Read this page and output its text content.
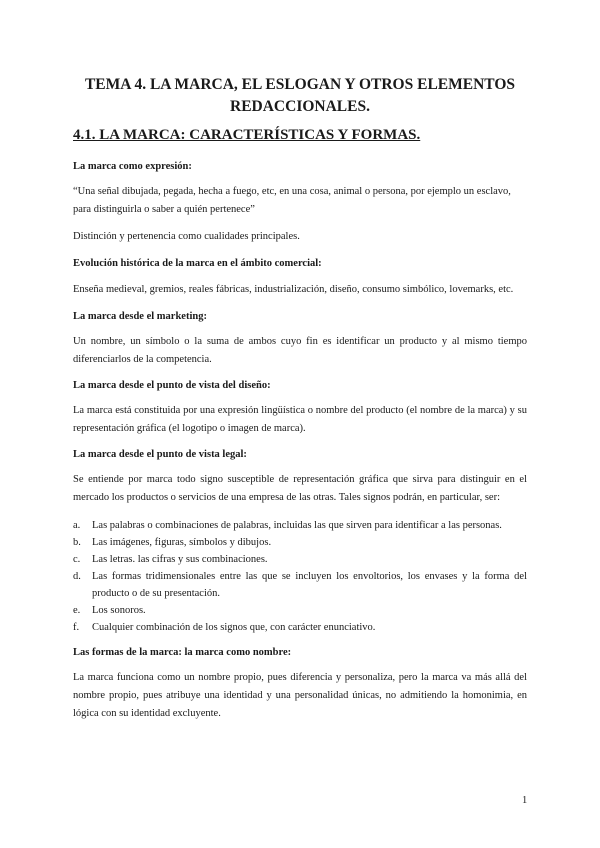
TEMA 4. LA MARCA, EL ESLOGAN Y OTROS ELEMENTOS REDACCIONALES.
4.1. LA MARCA: CARACTERÍSTICAS Y FORMAS.
La marca como expresión:
“Una señal dibujada, pegada, hecha a fuego, etc, en una cosa, animal o persona, por ejemplo un esclavo, para distinguirla o saber a quién pertenece”
Distinción y pertenencia como cualidades principales.
Evolución histórica de la marca en el ámbito comercial:
Enseña medieval, gremios, reales fábricas, industrialización, diseño, consumo simbólico, lovemarks, etc.
La marca desde el marketing:
Un nombre, un símbolo o la suma de ambos cuyo fin es identificar un producto y al mismo tiempo diferenciarlos de la competencia.
La marca desde el punto de vista del diseño:
La marca está constituida por una expresión lingüística o nombre del producto (el nombre de la marca) y su representación gráfica (el logotipo o imagen de marca).
La marca desde el punto de vista legal:
Se entiende por marca todo signo susceptible de representación gráfica que sirva para distinguir en el mercado los productos o servicios de una empresa de las otras. Tales signos podrán, en particular, ser:
a.	Las palabras o combinaciones de palabras, incluidas las que sirven para identificar a las personas.
b.	Las imágenes, figuras, símbolos y dibujos.
c.	Las letras. las cifras y sus combinaciones.
d.	Las formas tridimensionales entre las que se incluyen los envoltorios, los envases y la forma del producto o de su presentación.
e.	Los sonoros.
f.	Cualquier combinación de los signos que, con carácter enunciativo.
Las formas de la marca: la marca como nombre:
La marca funciona como un nombre propio, pues diferencia y personaliza, pero la marca va más allá del nombre propio, pues atribuye una identidad y una personalidad únicas, no admitiendo la homonimia, en lógica con su identidad excluyente.
1
